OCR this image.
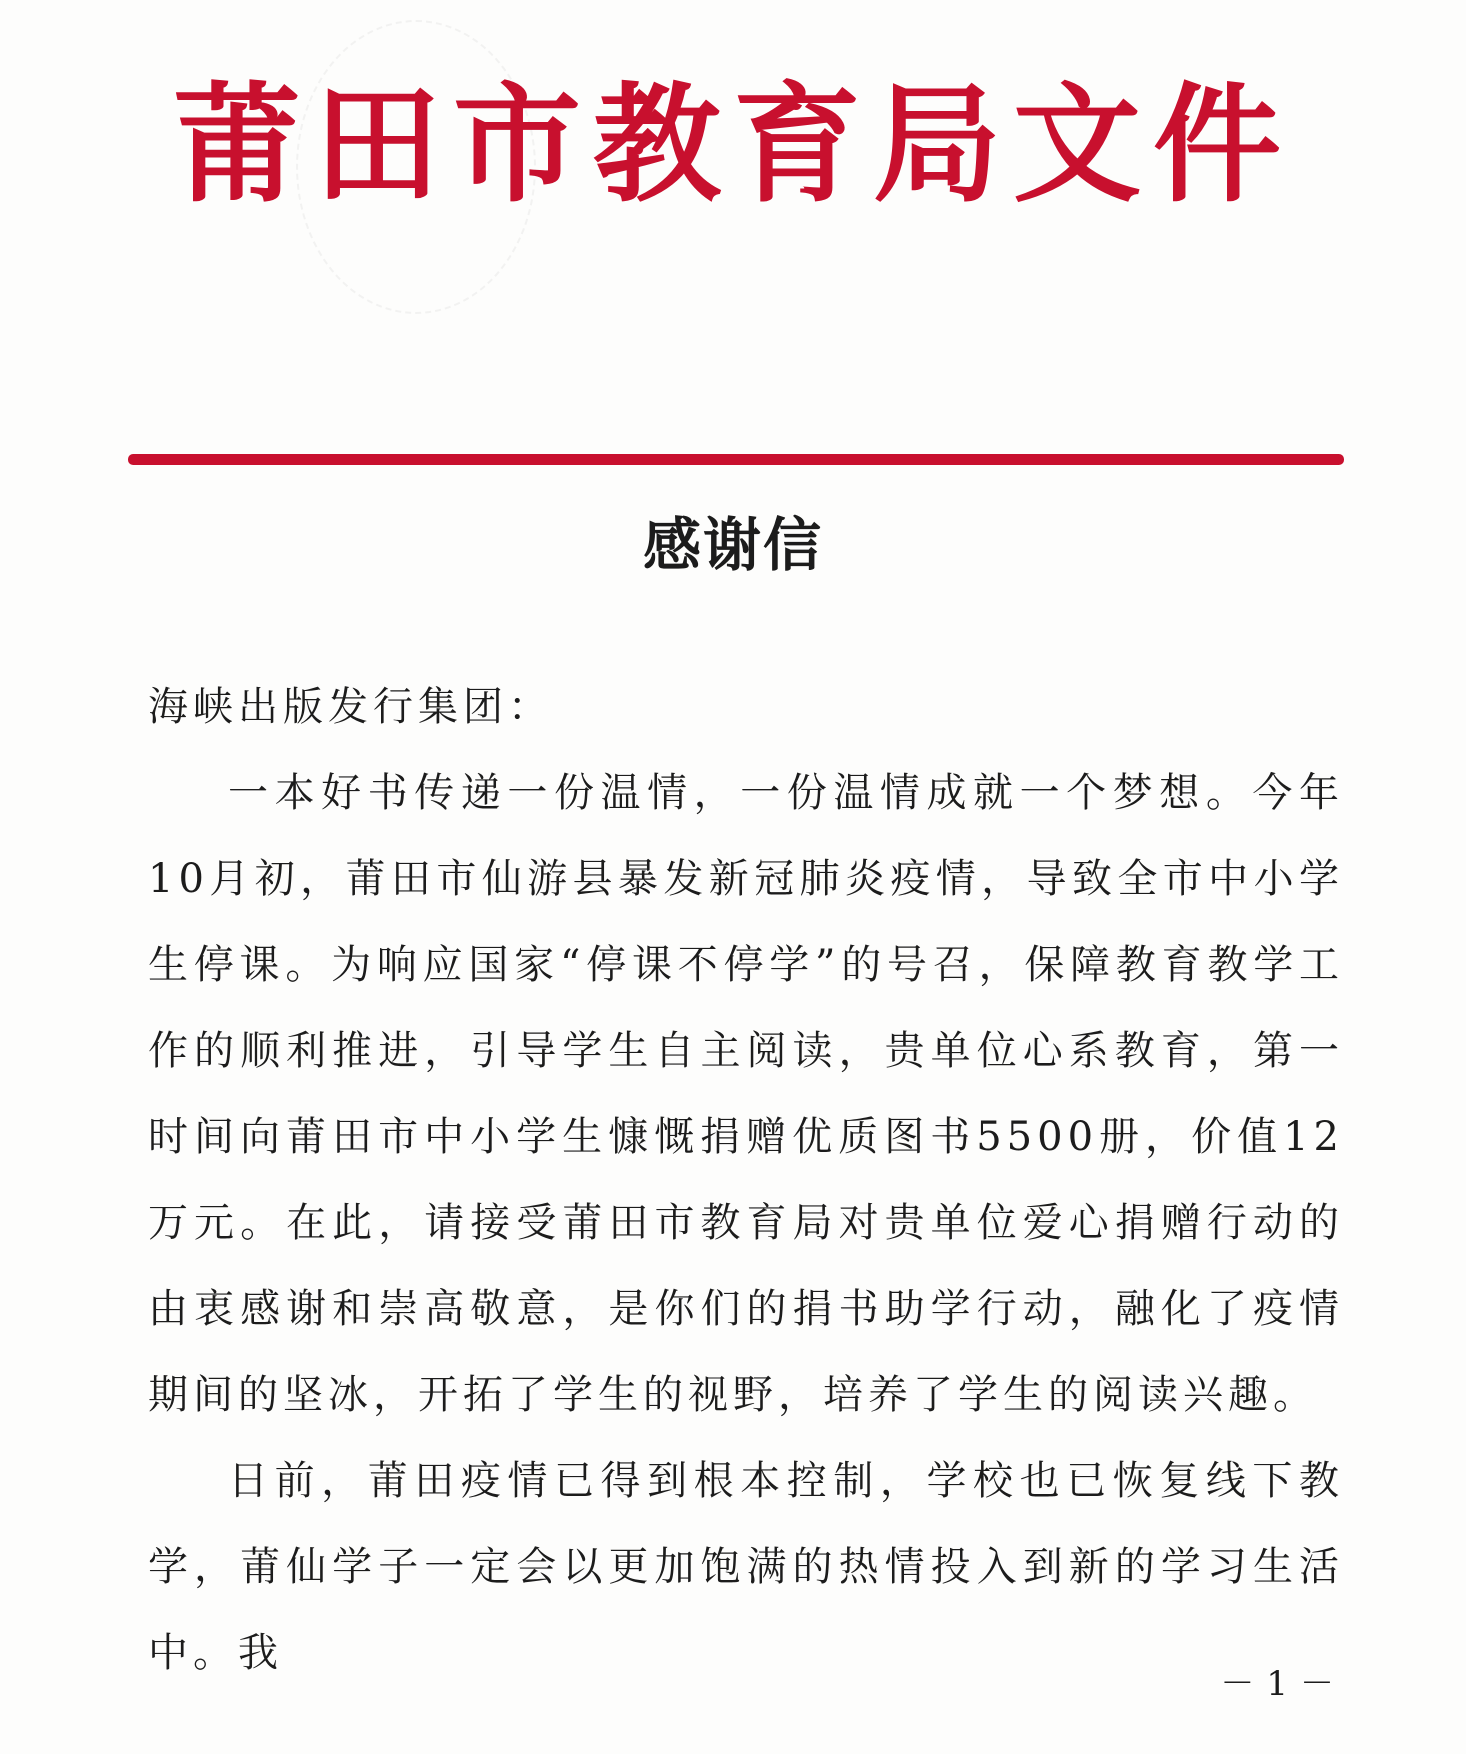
莆田市教育局文件
感谢信

海峡出版发行集团：

一本好书传递一份温情，一份温情成就一个梦想。今年10月初，莆田市仙游县暴发新冠肺炎疫情，导致全市中小学生停课。为响应国家“停课不停学”的号召，保障教育教学工作的顺利推进，引导学生自主阅读，贵单位心系教育，第一时间向莆田市中小学生慷慨捐赠优质图书5500册，价值12万元。在此，请接受莆田市教育局对贵单位爱心捐赠行动的由衷感谢和崇高敬意，是你们的捐书助学行动，融化了疫情期间的坚冰，开拓了学生的视野，培养了学生的阅读兴趣。

日前，莆田疫情已得到根本控制，学校也已恢复线下教学，莆仙学子一定会以更加饱满的热情投入到新的学习生活中。我

－1－
